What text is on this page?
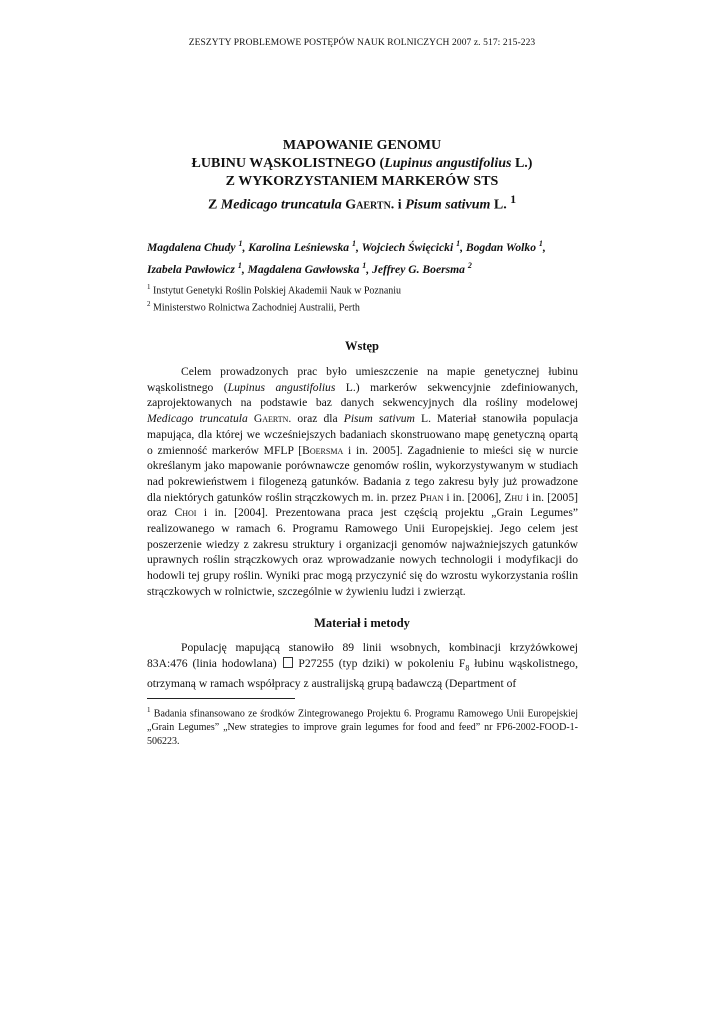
ZESZYTY PROBLEMOWE POSTĘPÓW NAUK ROLNICZYCH 2007 z. 517: 215-223
MAPOWANIE GENOMU
ŁUBINU WĄSKOLISTNEGO (Lupinus angustifolius L.)
Z WYKORZYSTANIEM MARKERÓW STS
Z Medicago truncatula Gaertn. i Pisum sativum L. $^1$
Magdalena Chudy $^1$, Karolina Leśniewska $^1$, Wojciech Święcicki $^1$, Bogdan Wolko $^1$,
Izabela Pawłowicz $^1$, Magdalena Gawłowska $^1$, Jeffrey G. Boersma $^2$
$^1$ Instytut Genetyki Roślin Polskiej Akademii Nauk w Poznaniu
$^2$ Ministerstwo Rolnictwa Zachodniej Australii, Perth
Wstęp
Celem prowadzonych prac było umieszczenie na mapie genetycznej łubinu wąskolistnego (Lupinus angustifolius L.) markerów sekwencyjnie zdefiniowanych, zaprojektowanych na podstawie baz danych sekwencyjnych dla rośliny modelowej Medicago truncatula Gaertn. oraz dla Pisum sativum L. Materiał stanowiła populacja mapująca, dla której we wcześniejszych badaniach skonstruowano mapę genetyczną opartą o zmienność markerów MFLP [Boersma i in. 2005]. Zagadnienie to mieści się w nurcie określanym jako mapowanie porównawcze genomów roślin, wykorzystywanym w studiach nad pokrewieństwem i filogenezą gatunków. Badania z tego zakresu były już prowadzone dla niektórych gatunków roślin strączkowych m. in. przez Phan i in. [2006], Zhu i in. [2005] oraz Choi i in. [2004]. Prezentowana praca jest częścią projektu „Grain Legumes” realizowanego w ramach 6. Programu Ramowego Unii Europejskiej. Jego celem jest poszerzenie wiedzy z zakresu struktury i organizacji genomów najważniejszych gatunków uprawnych roślin strączkowych oraz wprowadzanie nowych technologii i modyfikacji do hodowli tej grupy roślin. Wyniki prac mogą przyczynić się do wzrostu wykorzystania roślin strączkowych w rolnictwie, szczególnie w żywieniu ludzi i zwierząt.
Materiał i metody
Populację mapującą stanowiło 89 linii wsobnych, kombinacji krzyżówkowej 83A:476 (linia hodowlana)  P27255 (typ dziki) w pokoleniu $F_8$ łubinu wąskolistnego, otrzymaną w ramach współpracy z australijską grupą badawczą (Department of
$^1$ Badania sfinansowano ze środków Zintegrowanego Projektu 6. Programu Ramowego Unii Europejskiej „Grain Legumes” „New strategies to improve grain legumes for food and feed” nr FP6-2002-FOOD-1-506223.
